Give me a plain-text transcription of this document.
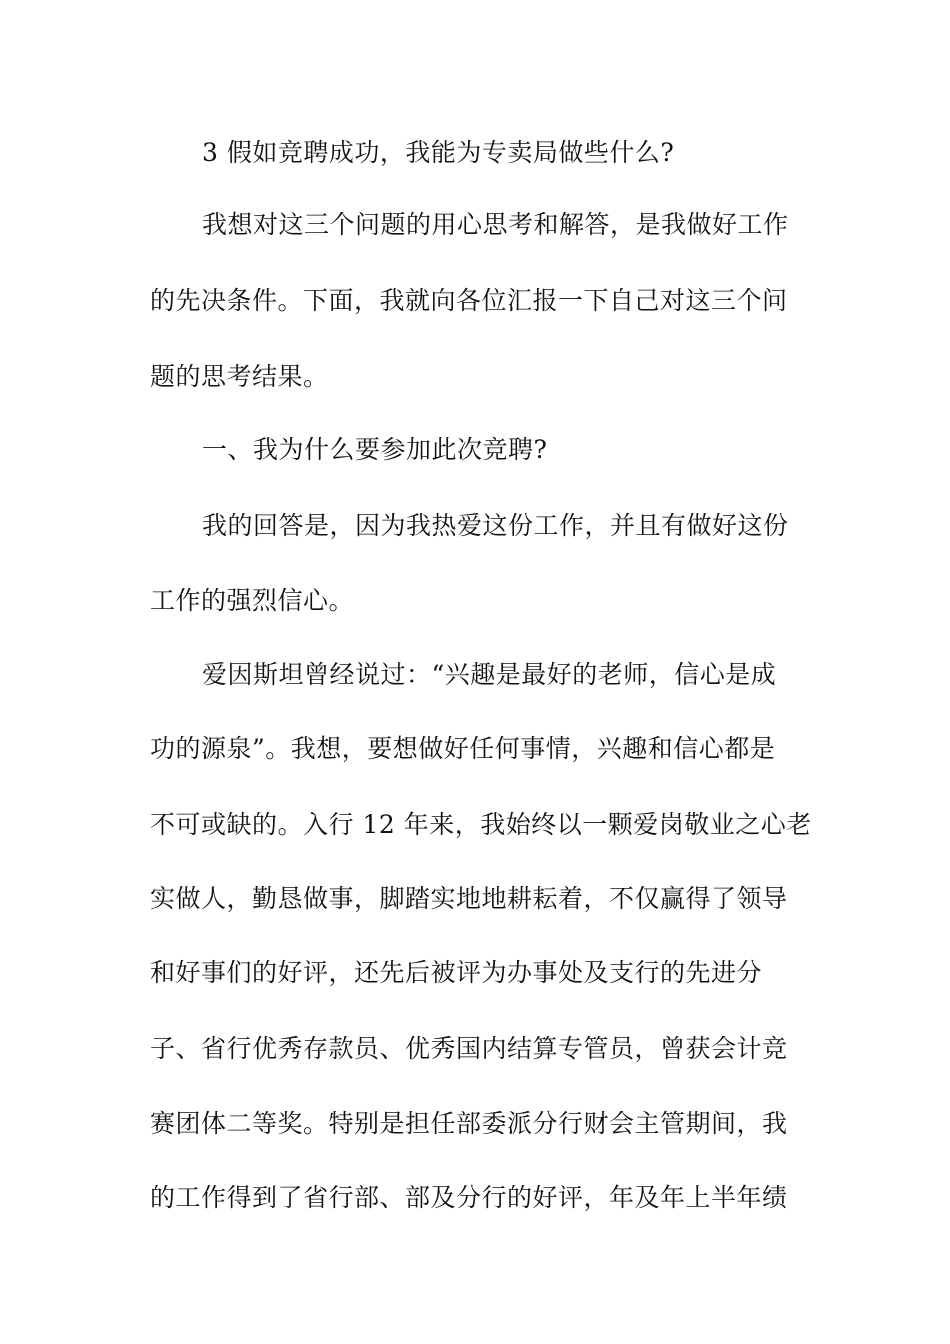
3 假如竞聘成功，我能为专卖局做些什么?
我想对这三个问题的用心思考和解答，是我做好工作
的先决条件。下面，我就向各位汇报一下自己对这三个问
题的思考结果。
一、我为什么要参加此次竞聘?
我的回答是，因为我热爱这份工作，并且有做好这份
工作的强烈信心。
爱因斯坦曾经说过：“兴趣是最好的老师，信心是成
功的源泉”。我想，要想做好任何事情，兴趣和信心都是
不可或缺的。入行 12 年来，我始终以一颗爱岗敬业之心老
实做人，勤恳做事，脚踏实地地耕耘着，不仅赢得了领导
和好事们的好评，还先后被评为办事处及支行的先进分
子、省行优秀存款员、优秀国内结算专管员，曾获会计竞
赛团体二等奖。特别是担任部委派分行财会主管期间，我
的工作得到了省行部、部及分行的好评，年及年上半年绩
